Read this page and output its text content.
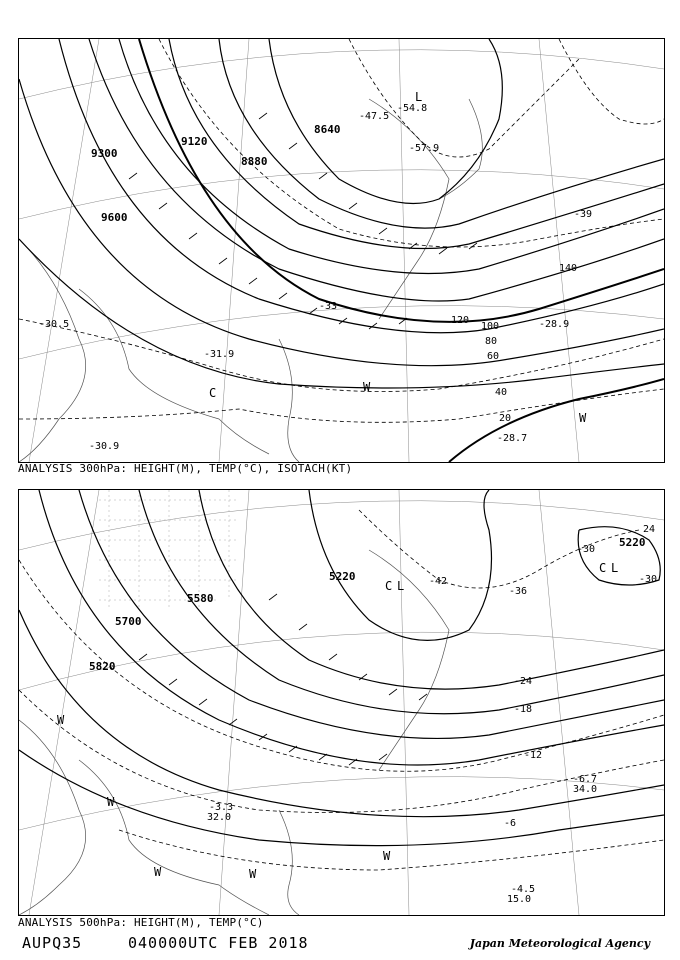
9600
9300
9120
8880
8640
20
40
60
80
100
120
140
-30.5
-31.9
-30.9
-28.9
-28.7
-47.5
-54.8
-57.9
-39
-33
C	W
W
L
ANALYSIS 300hPa: HEIGHT(M), TEMP(°C), ISOTACH(KT)
5820
5700
5220
5220
5580
-24
-18
-12
-6
-30
-36
-42	-30
24
-4.5
15.0
-6.7
34.0
-3.3
32.0
W
W
W	W
W
C L
C L
ANALYSIS 500hPa: HEIGHT(M), TEMP(°C)
AUPQ35	040000UTC FEB 2018	Japan Meteorological Agency
